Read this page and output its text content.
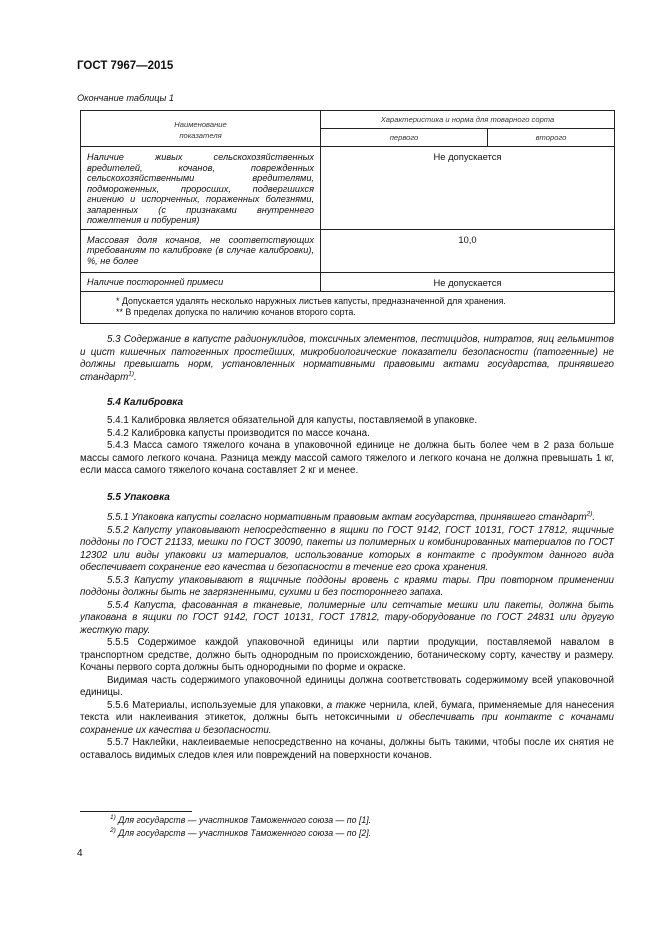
ГОСТ 7967—2015
Окончание таблицы 1
Наименование
показателя	Характеристика и норма для товарного сорта	
	первого	второго
Наличие живых сельскохозяйственных вредителей, кочанов, поврежденных сельскохозяйственными вредителями, подмороженных, проросших, подвергшихся гниению и испорченных, пораженных болезнями, запаренных (с признаками внутреннего пожелтения и побурения)	Не допускается	
Массовая доля кочанов, не соответствующих требованиям по калибровке (в случае калибровки), %, не более	10,0	
Наличие посторонней примеси	Не допускается	

* Допускается удалять несколько наружных листьев капусты, предназначенной для хранения.
** В пределах допуска по наличию кочанов второго сорта.		

5.3 Содержание в капусте радионуклидов, токсичных элементов, пестицидов, нитратов, яиц гельминтов и цист кишечных патогенных простейших, микробиологические показатели безопасности (патогенные) не должны превышать норм, установленных нормативными правовыми актами государства, принявшего стандарт$^{1)}$.

5.4 Калибровка

5.4.1 Калибровка является обязательной для капусты, поставляемой в упаковке.

5.4.2 Калибровка капусты производится по массе кочана.

5.4.3 Масса самого тяжелого кочана в упаковочной единице не должна быть более чем в 2 раза больше массы самого легкого кочана. Разница между массой самого тяжелого и легкого кочана не должна превышать 1 кг, если масса самого тяжелого кочана составляет 2 кг и менее.

5.5 Упаковка

5.5.1 Упаковка капусты согласно нормативным правовым актам государства, принявшего стандарт$^{2)}$.

5.5.2 Капусту упаковывают непосредственно в ящики по ГОСТ 9142, ГОСТ 10131, ГОСТ 17812, ящичные поддоны по ГОСТ 21133, мешки по ГОСТ 30090, пакеты из полимерных и комбинированных материалов по ГОСТ 12302 или виды упаковки из материалов, использование которых в контакте с продуктом данного вида обеспечивает сохранение его качества и безопасности в течение его срока хранения.

5.5.3 Капусту упаковывают в ящичные поддоны вровень с краями тары. При повторном применении поддоны должны быть не загрязненными, сухими и без постороннего запаха.

5.5.4 Капуста, фасованная в тканевые, полимерные или сетчатые мешки или пакеты, должна быть упакована в ящики по ГОСТ 9142, ГОСТ 10131, ГОСТ 17812, тару-оборудование по ГОСТ 24831 или другую жесткую тару.

5.5.5 Содержимое каждой упаковочной единицы или партии продукции, поставляемой навалом в транспортном средстве, должно быть однородным по происхождению, ботаническому сорту, качеству и размеру. Кочаны первого сорта должны быть однородными по форме и окраске.

Видимая часть содержимого упаковочной единицы должна соответствовать содержимому всей упаковочной единицы.

5.5.6 Материалы, используемые для упаковки, а также чернила, клей, бумага, применяемые для нанесения текста или наклеивания этикеток, должны быть нетоксичными и обеспечивать при контакте с кочанами сохранение их качества и безопасности.

5.5.7 Наклейки, наклеиваемые непосредственно на кочаны, должны быть такими, чтобы после их снятия не оставалось видимых следов клея или повреждений на поверхности кочанов.

$^{1)}$ Для государств — участников Таможенного союза — по [1].
$^{2)}$ Для государств — участников Таможенного союза — по [2].
4
